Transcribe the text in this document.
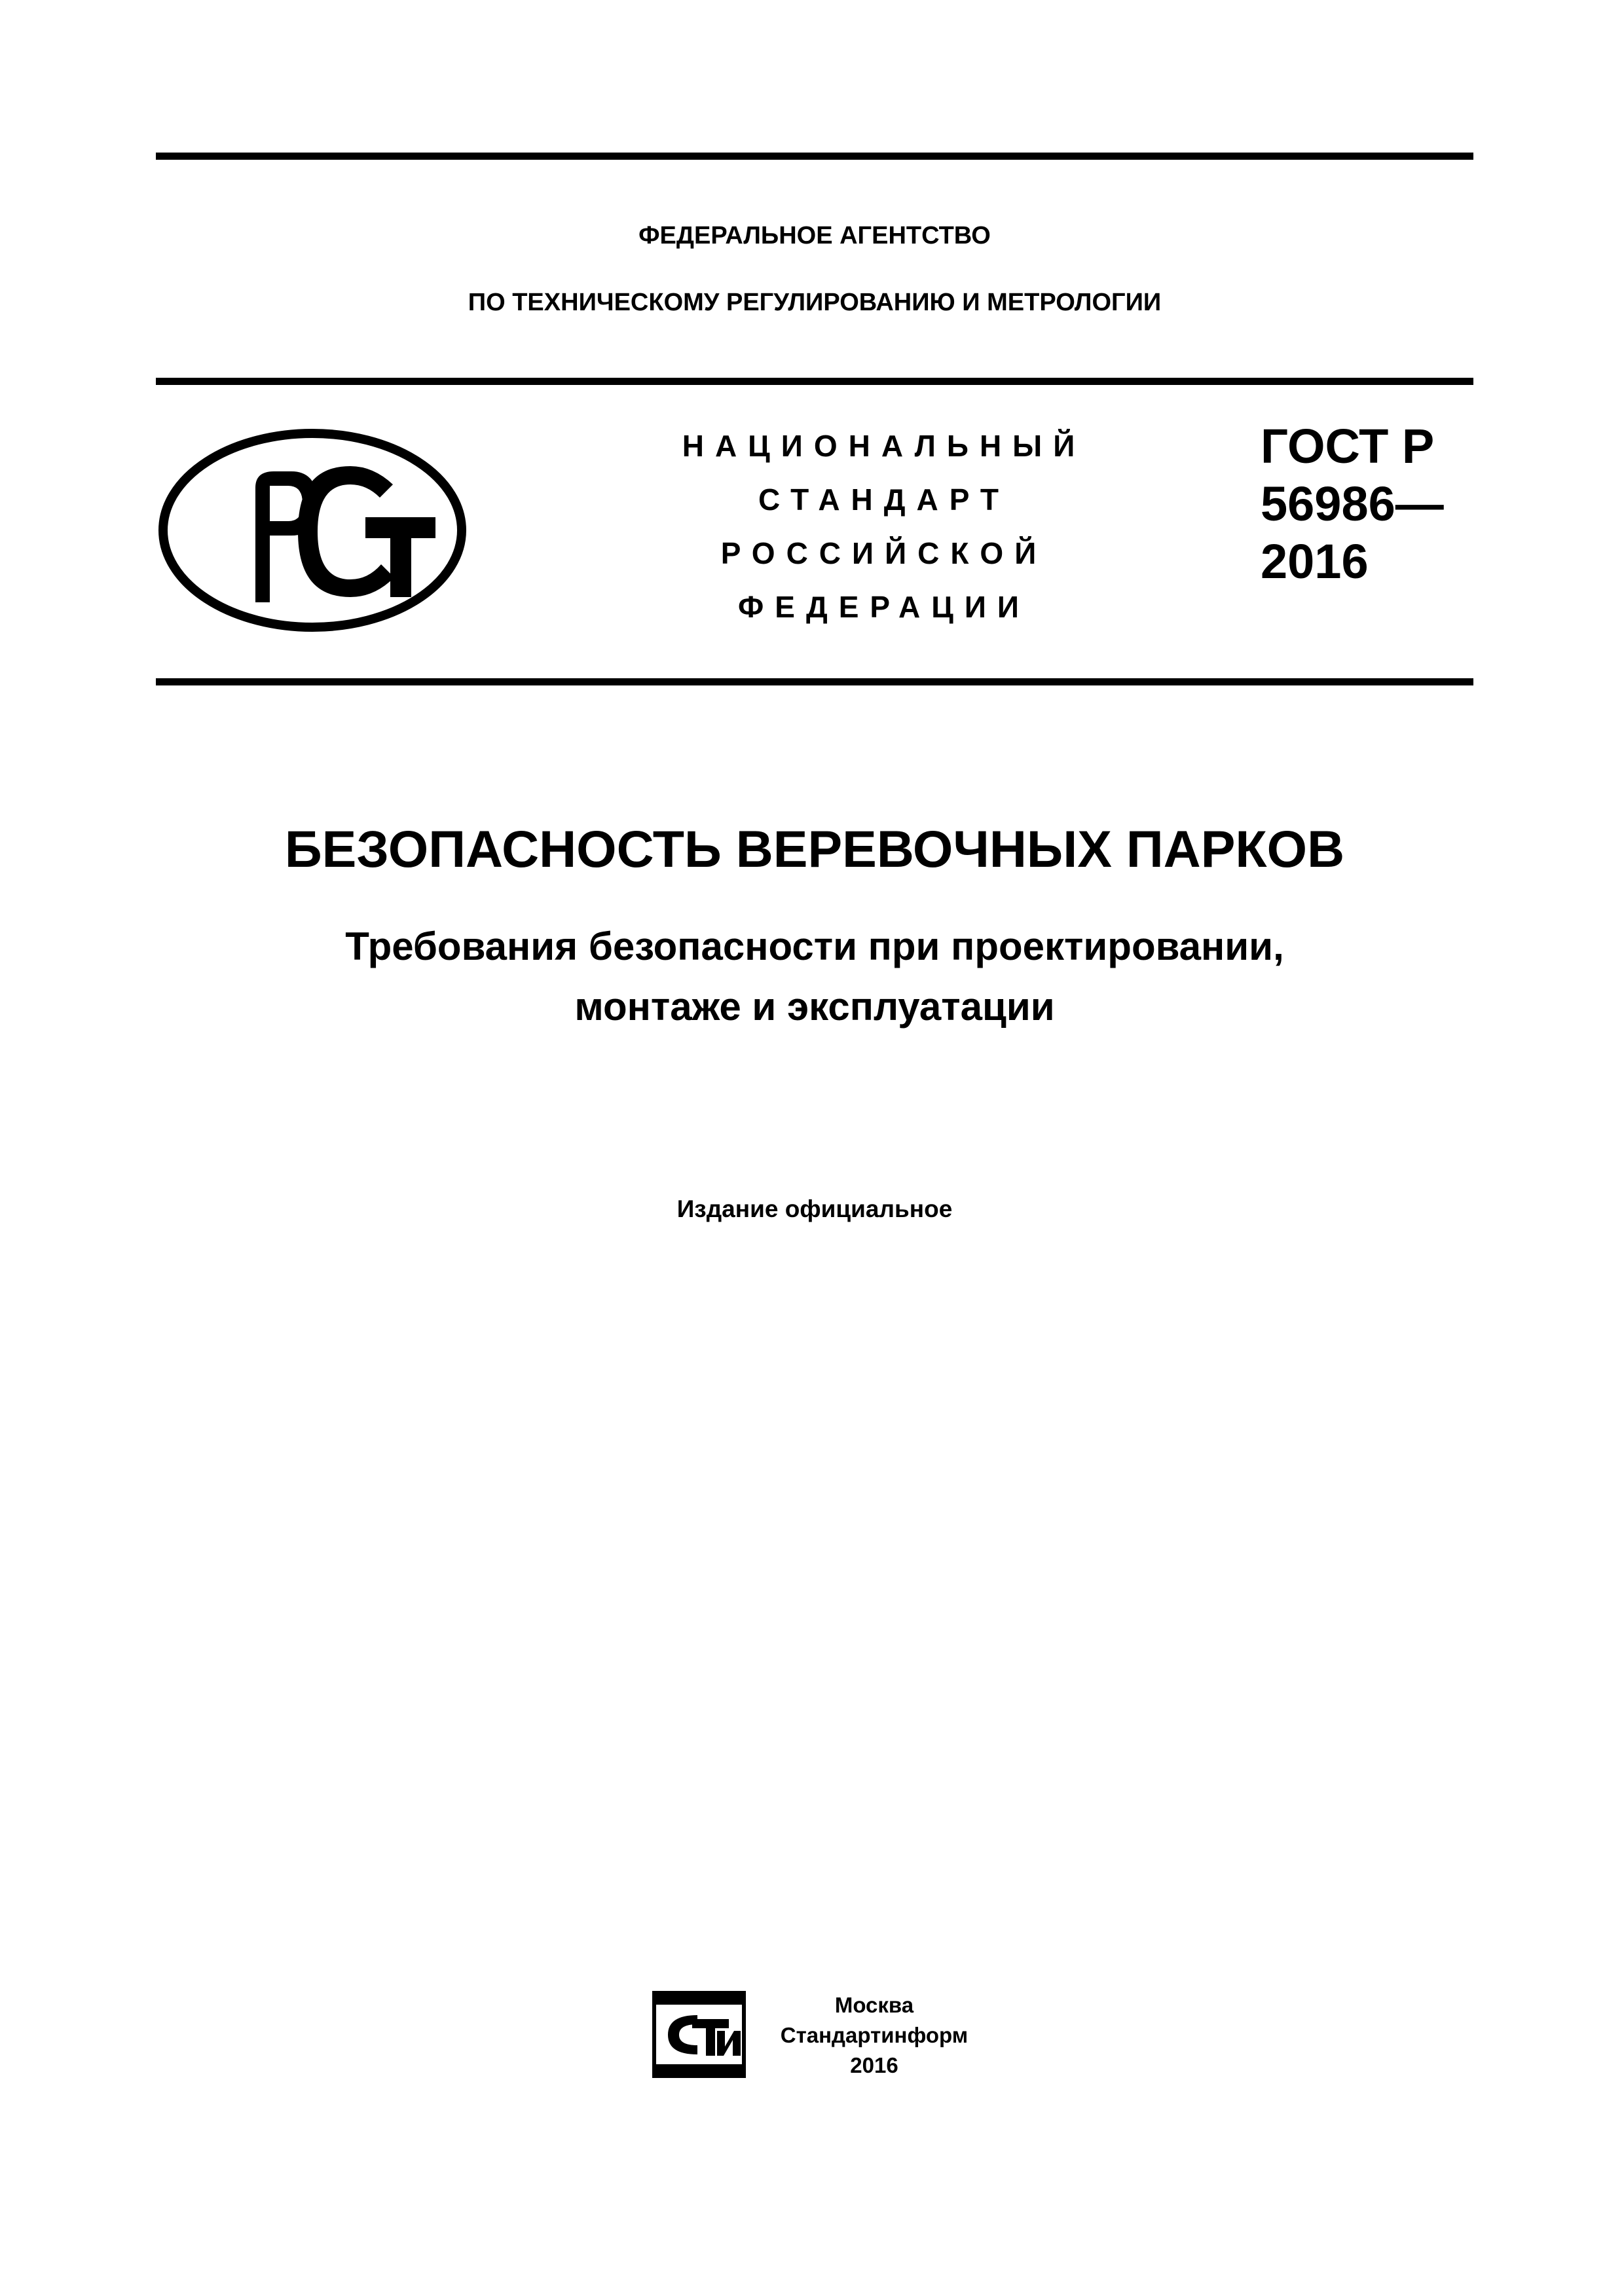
ФЕДЕРАЛЬНОЕ АГЕНТСТВО
ПО ТЕХНИЧЕСКОМУ РЕГУЛИРОВАНИЮ И МЕТРОЛОГИИ
НАЦИОНАЛЬНЫЙ
СТАНДАРТ
РОССИЙСКОЙ
ФЕДЕРАЦИИ
ГОСТ Р
56986—
2016
БЕЗОПАСНОСТЬ ВЕРЕВОЧНЫХ ПАРКОВ
Требования безопасности при проектировании,
монтаже и эксплуатации
Издание официальное
Москва
Стандартинформ
2016
